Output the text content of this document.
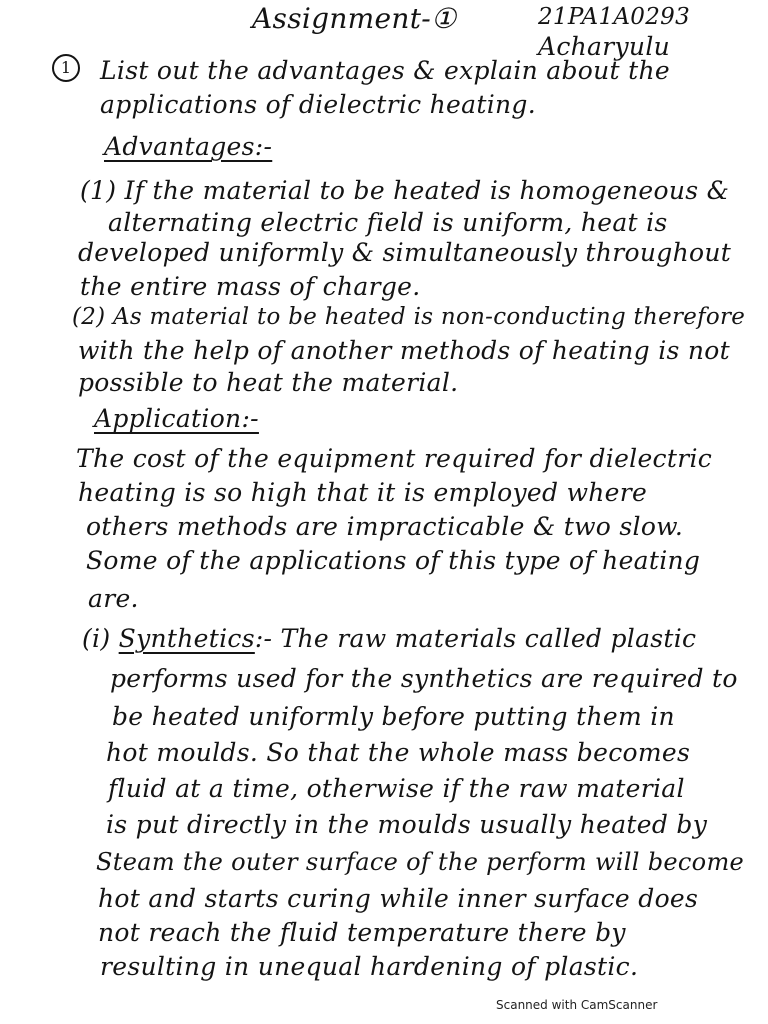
Assignment-①	21PA1A0293
Acharyulu
1	List out the advantages & explain about the
applications of dielectric heating.
Advantages:-
(1) If the material to be heated is homogeneous &
alternating electric field is uniform, heat is
developed uniformly & simultaneously throughout
the entire mass of charge.
(2) As material to be heated is non-conducting therefore
with the help of another methods of heating is not
possible to heat the material.
Application:-
The cost of the equipment required for dielectric
heating is so high that it is employed where
others methods are impracticable & two slow.
Some of the applications of this type of heating
are.
(i) Synthetics:- The raw materials called plastic
performs used for the synthetics are required to
be heated uniformly before putting them in
hot moulds. So that the whole mass becomes
fluid at a time, otherwise if the raw material
is put directly in the moulds usually heated by
Steam the outer surface of the perform will become
hot and starts curing while inner surface does
not reach the fluid temperature there by
resulting in unequal hardening of plastic.
Scanned with CamScanner
